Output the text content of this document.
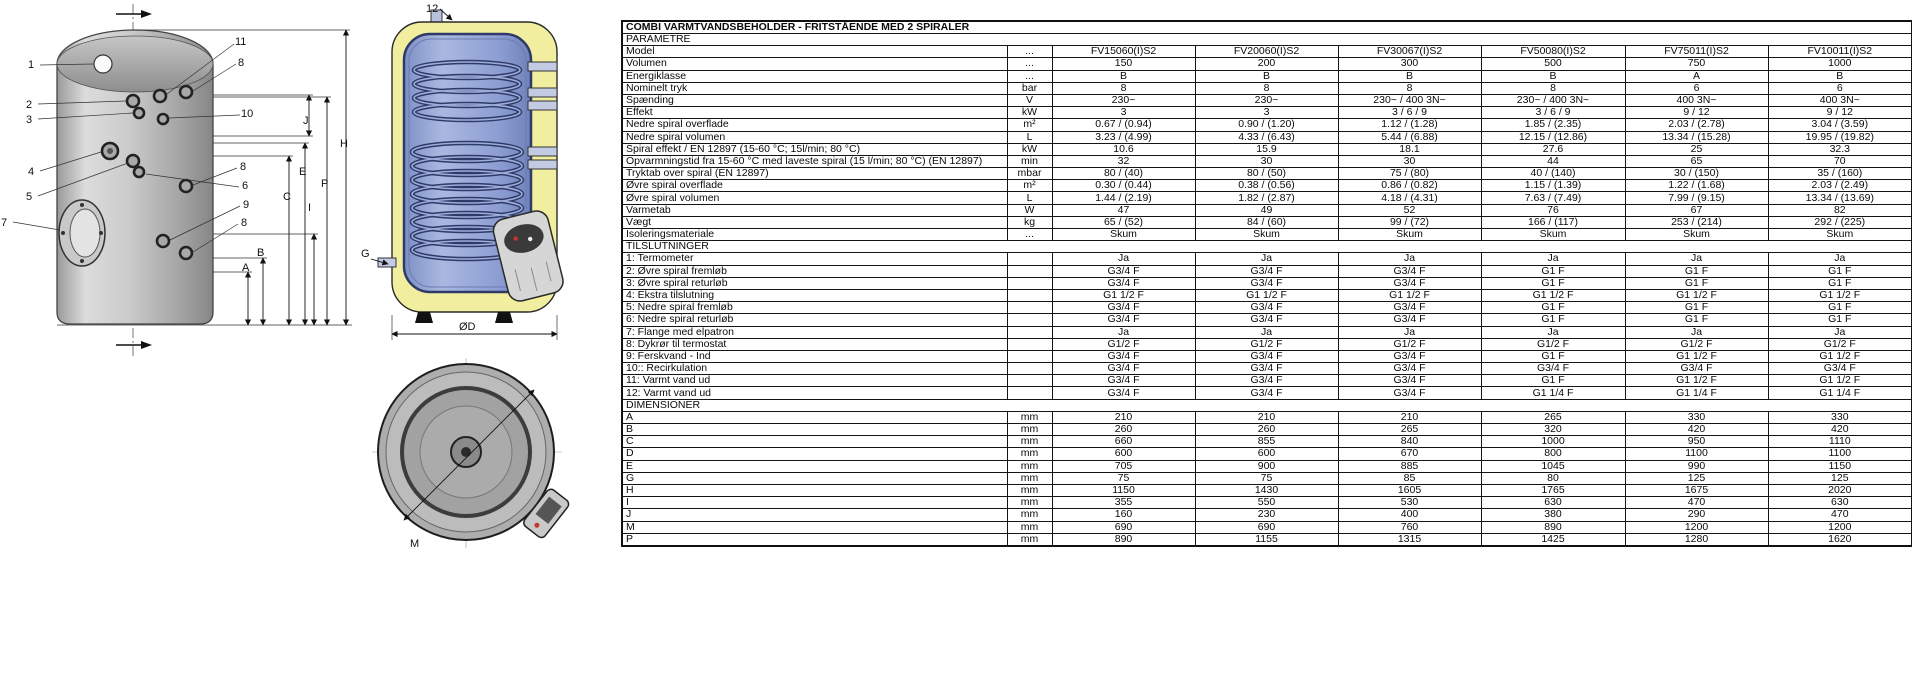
1
2
3
4
5
7
11
8
10
8
6
9
8
A
B
C
E
I
P
H
J
12
G
ØD
M
COMBI VARMTVANDSBEHOLDER - FRITSTÅENDE MED 2 SPIRALER							
PARAMETRE							
Model	...	FV15060(I)S2	FV20060(I)S2	FV30067(I)S2	FV50080(I)S2	FV75011(I)S2	FV10011(I)S2
Volumen	...	150	200	300	500	750	1000
Energiklasse	...	B	B	B	B	A	B
Nominelt tryk	bar	8	8	8	8	6	6
Spænding	V	230~	230~	230~ / 400 3N~	230~ / 400 3N~	400 3N~	400 3N~
Effekt	kW	3	3	3 / 6 / 9	3 / 6 / 9	9 / 12	9 / 12
Nedre spiral overflade	m²	0.67 / (0.94)	0.90 / (1.20)	1.12 / (1.28)	1.85 / (2.35)	2.03 / (2.78)	3.04 / (3.59)
Nedre spiral volumen	L	3.23 / (4.99)	4.33 / (6.43)	5.44 / (6.88)	12.15 / (12.86)	13.34 / (15.28)	19.95 / (19.82)
Spiral effekt / EN 12897 (15-60 °C; 15l/min; 80 °C)	kW	10.6	15.9	18.1	27.6	25	32.3
Opvarmningstid fra 15-60 °C med laveste spiral (15 l/min; 80 °C) (EN 12897)	min	32	30	30	44	65	70
Tryktab over spiral (EN 12897)	mbar	80 / (40)	80 / (50)	75 / (80)	40 / (140)	30 / (150)	35 / (160)
Øvre spiral overflade	m²	0.30 / (0.44)	0.38 / (0.56)	0.86 / (0.82)	1.15 / (1.39)	1.22 / (1.68)	2.03 / (2.49)
Øvre spiral volumen	L	1.44 / (2.19)	1.82 / (2.87)	4.18 / (4.31)	7.63 / (7.49)	7.99 / (9.15)	13.34 / (13.69)
Varmetab	W	47	49	52	76	67	82
Vægt	kg	65 / (52)	84 / (60)	99 / (72)	166 / (117)	253 / (214)	292 / (225)
Isoleringsmateriale	...	Skum	Skum	Skum	Skum	Skum	Skum
TILSLUTNINGER							
1: Termometer		Ja	Ja	Ja	Ja	Ja	Ja
2: Øvre spiral fremløb		G3/4 F	G3/4 F	G3/4 F	G1 F	G1 F	G1 F
3: Øvre spiral returløb		G3/4 F	G3/4 F	G3/4 F	G1 F	G1 F	G1 F
4: Ekstra tilslutning		G1 1/2 F	G1 1/2 F	G1 1/2 F	G1 1/2 F	G1 1/2 F	G1 1/2 F
5: Nedre spiral fremløb		G3/4 F	G3/4 F	G3/4 F	G1 F	G1 F	G1 F
6: Nedre spiral returløb		G3/4 F	G3/4 F	G3/4 F	G1 F	G1 F	G1 F
7: Flange med elpatron		Ja	Ja	Ja	Ja	Ja	Ja
8: Dykrør til termostat		G1/2 F	G1/2 F	G1/2 F	G1/2 F	G1/2 F	G1/2 F
9: Ferskvand - Ind		G3/4 F	G3/4 F	G3/4 F	G1 F	G1 1/2 F	G1 1/2 F
10:: Recirkulation		G3/4 F	G3/4 F	G3/4 F	G3/4 F	G3/4 F	G3/4 F
11: Varmt vand ud		G3/4 F	G3/4 F	G3/4 F	G1 F	G1 1/2 F	G1 1/2 F
12: Varmt vand ud		G3/4 F	G3/4 F	G3/4 F	G1 1/4 F	G1 1/4 F	G1 1/4 F
DIMENSIONER							
A	mm	210	210	210	265	330	330
B	mm	260	260	265	320	420	420
C	mm	660	855	840	1000	950	1110
D	mm	600	600	670	800	1100	1100
E	mm	705	900	885	1045	990	1150
G	mm	75	75	85	80	125	125
H	mm	1150	1430	1605	1765	1675	2020
I	mm	355	550	530	630	470	630
J	mm	160	230	400	380	290	470
M	mm	690	690	760	890	1200	1200
P	mm	890	1155	1315	1425	1280	1620
